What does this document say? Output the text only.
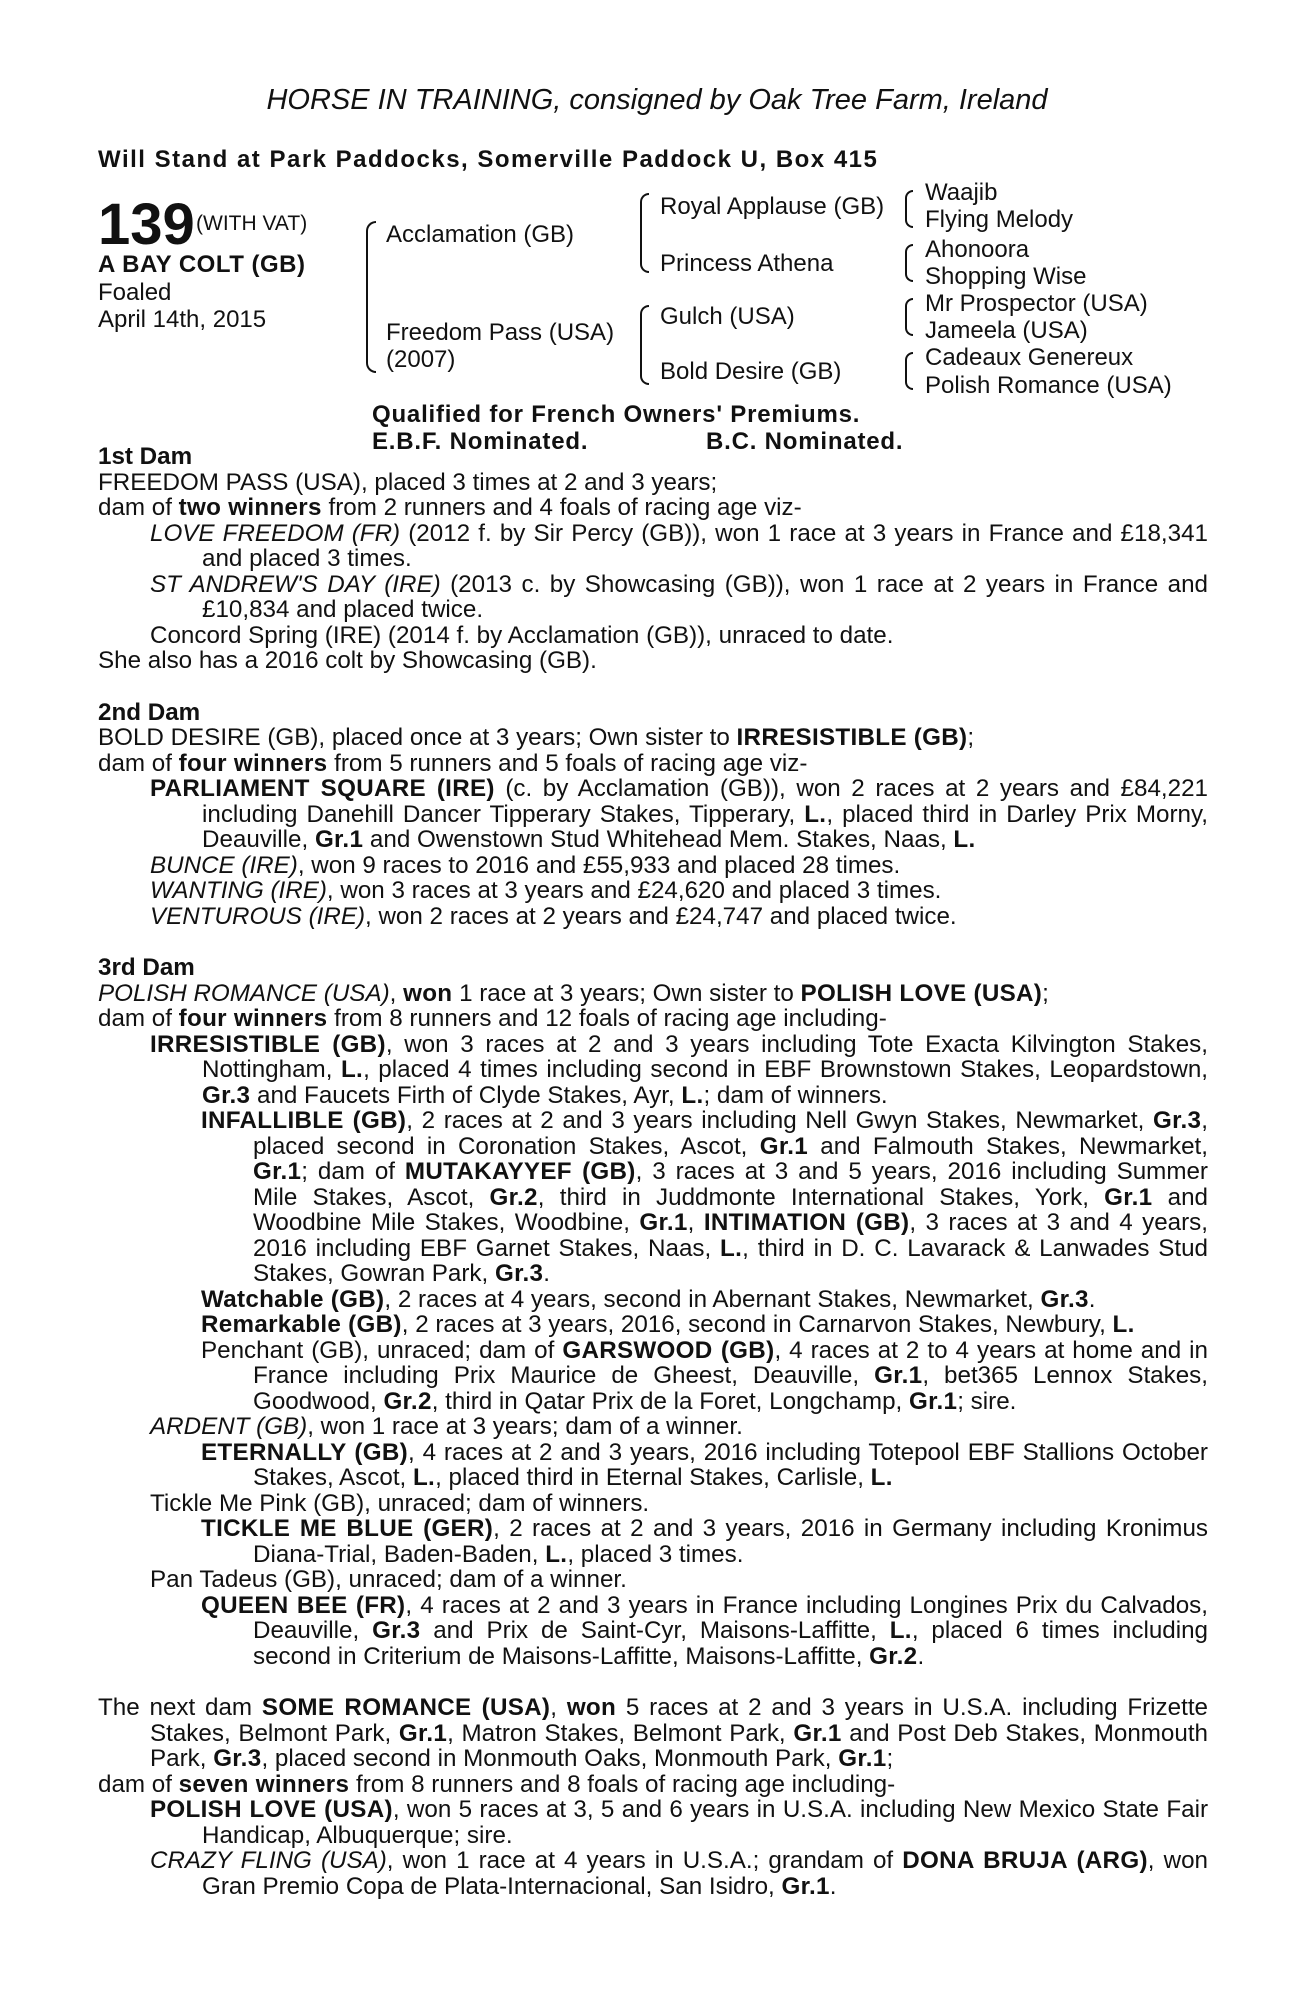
HORSE IN TRAINING, consigned by Oak Tree Farm, Ireland
Will Stand at Park Paddocks, Somerville Paddock U, Box 415
139 (WITH VAT)
A BAY COLT (GB)
Foaled
April 14th, 2015
Acclamation (GB)
Freedom Pass (USA)
(2007)
Royal Applause (GB)
Princess Athena
Gulch (USA)
Bold Desire (GB)
Waajib
Flying Melody
Ahonoora
Shopping Wise
Mr Prospector (USA)
Jameela (USA)
Cadeaux Genereux
Polish Romance (USA)
Qualified for French Owners' Premiums.
E.B.F. Nominated.	B.C. Nominated.
1st Dam
FREEDOM PASS (USA), placed 3 times at 2 and 3 years;
dam of two winners from 2 runners and 4 foals of racing age viz-
LOVE FREEDOM (FR) (2012 f. by Sir Percy (GB)), won 1 race at 3 years in France and £18,341 and placed 3 times.
ST ANDREW'S DAY (IRE) (2013 c. by Showcasing (GB)), won 1 race at 2 years in France and £10,834 and placed twice.
Concord Spring (IRE) (2014 f. by Acclamation (GB)), unraced to date.
She also has a 2016 colt by Showcasing (GB).
2nd Dam
BOLD DESIRE (GB), placed once at 3 years; Own sister to IRRESISTIBLE (GB);
dam of four winners from 5 runners and 5 foals of racing age viz-
PARLIAMENT SQUARE (IRE) (c. by Acclamation (GB)), won 2 races at 2 years and £84,221 including Danehill Dancer Tipperary Stakes, Tipperary, L., placed third in Darley Prix Morny, Deauville, Gr.1 and Owenstown Stud Whitehead Mem. Stakes, Naas, L.
BUNCE (IRE), won 9 races to 2016 and £55,933 and placed 28 times.
WANTING (IRE), won 3 races at 3 years and £24,620 and placed 3 times.
VENTUROUS (IRE), won 2 races at 2 years and £24,747 and placed twice.
3rd Dam
POLISH ROMANCE (USA), won 1 race at 3 years; Own sister to POLISH LOVE (USA);
dam of four winners from 8 runners and 12 foals of racing age including-
IRRESISTIBLE (GB), won 3 races at 2 and 3 years including Tote Exacta Kilvington Stakes, Nottingham, L., placed 4 times including second in EBF Brownstown Stakes, Leopardstown, Gr.3 and Faucets Firth of Clyde Stakes, Ayr, L.; dam of winners.
INFALLIBLE (GB), 2 races at 2 and 3 years including Nell Gwyn Stakes, Newmarket, Gr.3, placed second in Coronation Stakes, Ascot, Gr.1 and Falmouth Stakes, Newmarket, Gr.1; dam of MUTAKAYYEF (GB), 3 races at 3 and 5 years, 2016 including Summer Mile Stakes, Ascot, Gr.2, third in Juddmonte International Stakes, York, Gr.1 and Woodbine Mile Stakes, Woodbine, Gr.1, INTIMATION (GB), 3 races at 3 and 4 years, 2016 including EBF Garnet Stakes, Naas, L., third in D. C. Lavarack & Lanwades Stud Stakes, Gowran Park, Gr.3.
Watchable (GB), 2 races at 4 years, second in Abernant Stakes, Newmarket, Gr.3.
Remarkable (GB), 2 races at 3 years, 2016, second in Carnarvon Stakes, Newbury, L.
Penchant (GB), unraced; dam of GARSWOOD (GB), 4 races at 2 to 4 years at home and in France including Prix Maurice de Gheest, Deauville, Gr.1, bet365 Lennox Stakes, Goodwood, Gr.2, third in Qatar Prix de la Foret, Longchamp, Gr.1; sire.
ARDENT (GB), won 1 race at 3 years; dam of a winner.
ETERNALLY (GB), 4 races at 2 and 3 years, 2016 including Totepool EBF Stallions October Stakes, Ascot, L., placed third in Eternal Stakes, Carlisle, L.
Tickle Me Pink (GB), unraced; dam of winners.
TICKLE ME BLUE (GER), 2 races at 2 and 3 years, 2016 in Germany including Kronimus Diana-Trial, Baden-Baden, L., placed 3 times.
Pan Tadeus (GB), unraced; dam of a winner.
QUEEN BEE (FR), 4 races at 2 and 3 years in France including Longines Prix du Calvados, Deauville, Gr.3 and Prix de Saint-Cyr, Maisons-Laffitte, L., placed 6 times including second in Criterium de Maisons-Laffitte, Maisons-Laffitte, Gr.2.
The next dam SOME ROMANCE (USA), won 5 races at 2 and 3 years in U.S.A. including Frizette Stakes, Belmont Park, Gr.1, Matron Stakes, Belmont Park, Gr.1 and Post Deb Stakes, Monmouth Park, Gr.3, placed second in Monmouth Oaks, Monmouth Park, Gr.1;
dam of seven winners from 8 runners and 8 foals of racing age including-
POLISH LOVE (USA), won 5 races at 3, 5 and 6 years in U.S.A. including New Mexico State Fair Handicap, Albuquerque; sire.
CRAZY FLING (USA), won 1 race at 4 years in U.S.A.; grandam of DONA BRUJA (ARG), won Gran Premio Copa de Plata-Internacional, San Isidro, Gr.1.
